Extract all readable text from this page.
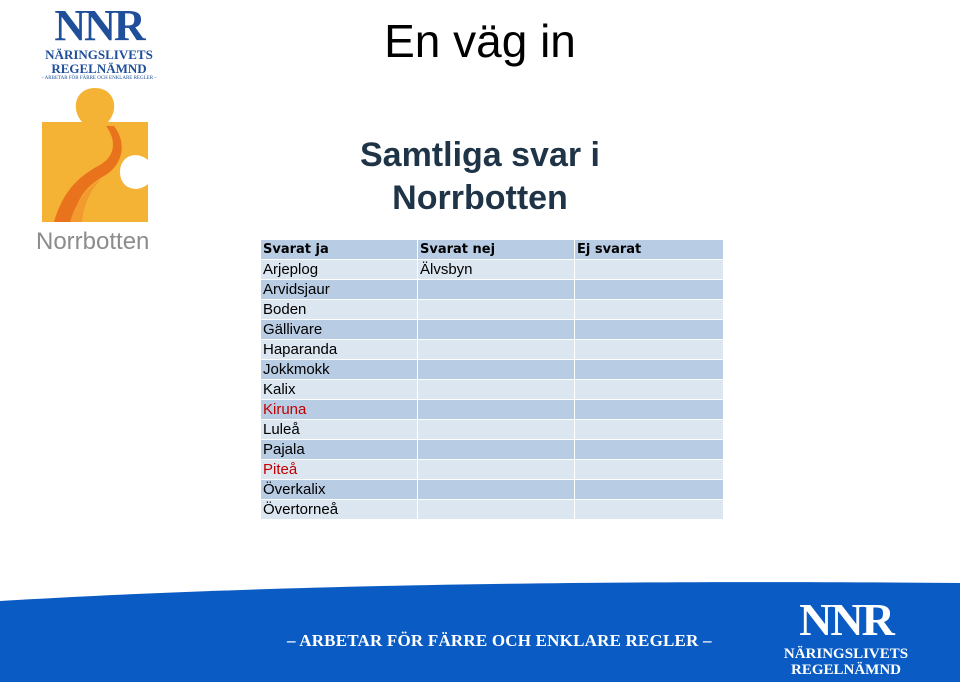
NNR
NÄRINGSLIVETS
REGELNÄMND
– ARBETAR FÖR FÄRRE OCH ENKLARE REGLER –
Norrbotten
En väg in
Samtliga svar i
Norrbotten
Svarat ja	Svarat nej	Ej svarat
Arjeplog	Älvsbyn	
Arvidsjaur		
Boden		
Gällivare		
Haparanda		
Jokkmokk		
Kalix		
Kiruna		
Luleå		
Pajala		
Piteå		
Överkalix		
Övertorneå		
– ARBETAR FÖR FÄRRE OCH ENKLARE REGLER –	NNR
NÄRINGSLIVETS
REGELNÄMND
